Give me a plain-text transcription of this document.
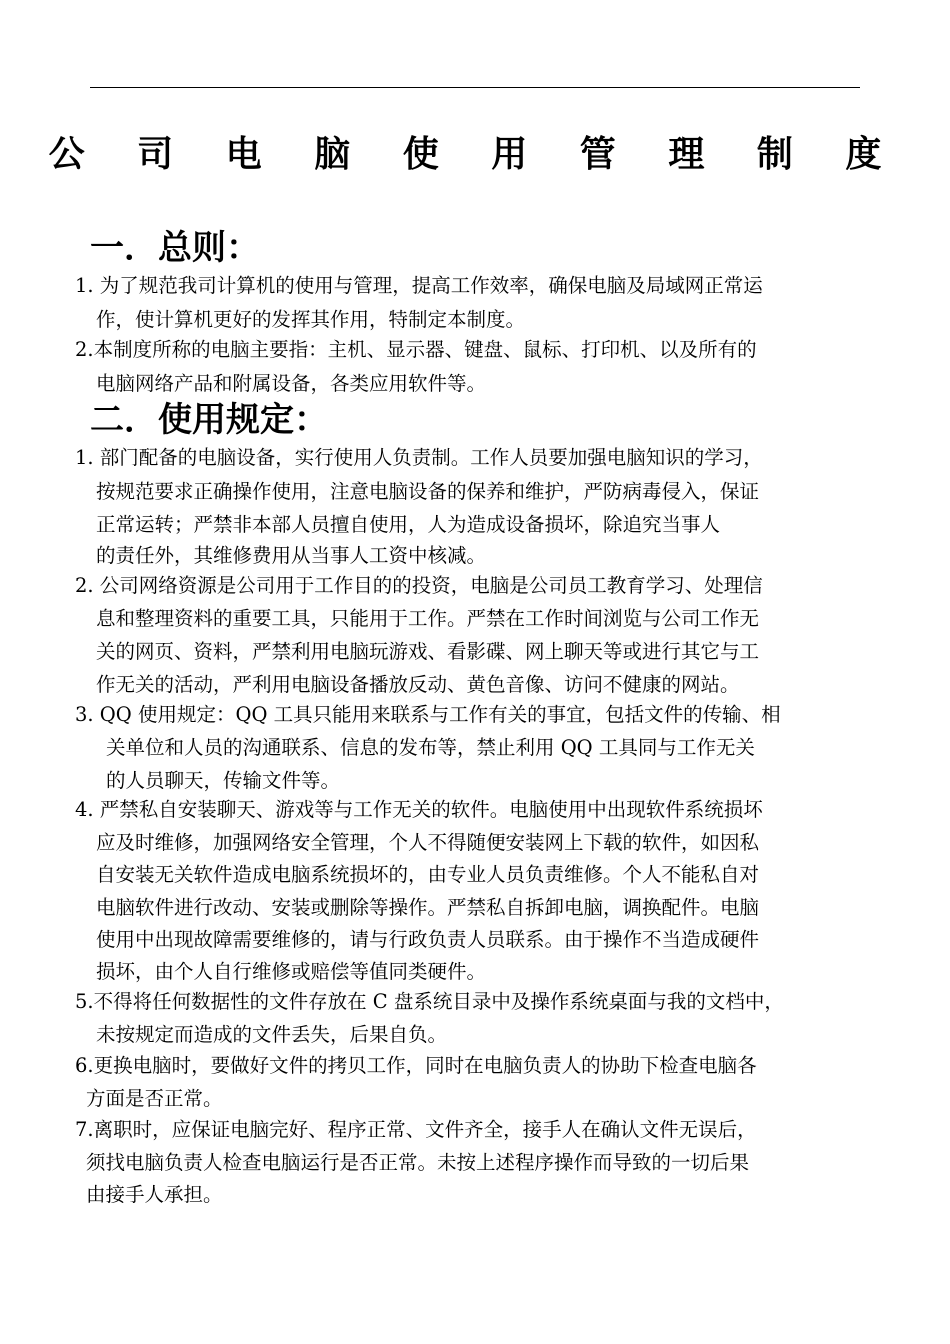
公 司 电 脑 使 用 管 理 制 度
一．总则：
1. 为了规范我司计算机的使用与管理，提高工作效率，确保电脑及局域网正常运
作，使计算机更好的发挥其作用，特制定本制度。
2.本制度所称的电脑主要指：主机、显示器、键盘、鼠标、打印机、以及所有的
电脑网络产品和附属设备，各类应用软件等。
二．使用规定：
1. 部门配备的电脑设备，实行使用人负责制。工作人员要加强电脑知识的学习，
按规范要求正确操作使用，注意电脑设备的保养和维护，严防病毒侵入，保证
正常运转；严禁非本部人员擅自使用，人为造成设备损坏，除追究当事人
的责任外，其维修费用从当事人工资中核减。
2. 公司网络资源是公司用于工作目的的投资，电脑是公司员工教育学习、处理信
息和整理资料的重要工具，只能用于工作。严禁在工作时间浏览与公司工作无
关的网页、资料，严禁利用电脑玩游戏、看影碟、网上聊天等或进行其它与工
作无关的活动，严利用电脑设备播放反动、黄色音像、访问不健康的网站。
3. QQ 使用规定：QQ 工具只能用来联系与工作有关的事宜，包括文件的传输、相
关单位和人员的沟通联系、信息的发布等，禁止利用 QQ 工具同与工作无关
的人员聊天，传输文件等。
4. 严禁私自安装聊天、游戏等与工作无关的软件。电脑使用中出现软件系统损坏
应及时维修，加强网络安全管理，个人不得随便安装网上下载的软件，如因私
自安装无关软件造成电脑系统损坏的，由专业人员负责维修。个人不能私自对
电脑软件进行改动、安装或删除等操作。严禁私自拆卸电脑，调换配件。电脑
使用中出现故障需要维修的，请与行政负责人员联系。由于操作不当造成硬件
损坏，由个人自行维修或赔偿等值同类硬件。
5.不得将任何数据性的文件存放在 C 盘系统目录中及操作系统桌面与我的文档中，
未按规定而造成的文件丢失，后果自负。
6.更换电脑时，要做好文件的拷贝工作，同时在电脑负责人的协助下检查电脑各
方面是否正常。
7.离职时，应保证电脑完好、程序正常、文件齐全，接手人在确认文件无误后，
须找电脑负责人检查电脑运行是否正常。未按上述程序操作而导致的一切后果
由接手人承担。
